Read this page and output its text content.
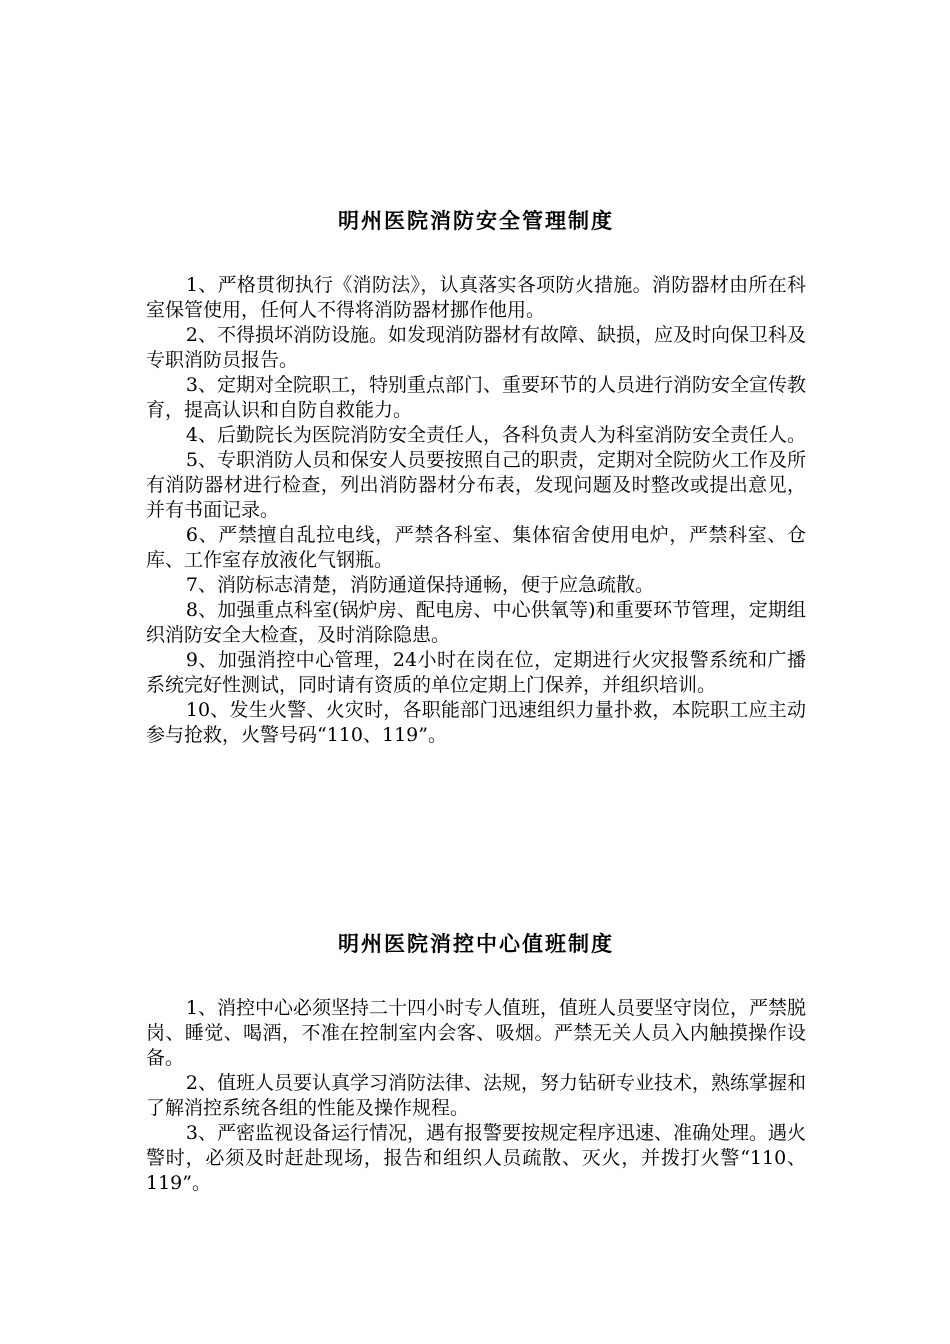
明州医院消防安全管理制度

1、严格贯彻执行《消防法》，认真落实各项防火措施。消防器材由所在科室保管使用，任何人不得将消防器材挪作他用。

2、不得损坏消防设施。如发现消防器材有故障、缺损，应及时向保卫科及专职消防员报告。

3、定期对全院职工，特别重点部门、重要环节的人员进行消防安全宣传教育，提高认识和自防自救能力。

4、后勤院长为医院消防安全责任人，各科负责人为科室消防安全责任人。

5、专职消防人员和保安人员要按照自己的职责，定期对全院防火工作及所有消防器材进行检查，列出消防器材分布表，发现问题及时整改或提出意见，并有书面记录。

6、严禁擅自乱拉电线，严禁各科室、集体宿舍使用电炉，严禁科室、仓库、工作室存放液化气钢瓶。

7、消防标志清楚，消防通道保持通畅，便于应急疏散。

8、加强重点科室(锅炉房、配电房、中心供氧等)和重要环节管理，定期组织消防安全大检查，及时消除隐患。

9、加强消控中心管理，24小时在岗在位，定期进行火灾报警系统和广播系统完好性测试，同时请有资质的单位定期上门保养，并组织培训。

10、发生火警、火灾时，各职能部门迅速组织力量扑救，本院职工应主动参与抢救，火警号码“110、119”。

明州医院消控中心值班制度

1、消控中心必须坚持二十四小时专人值班，值班人员要坚守岗位，严禁脱岗、睡觉、喝酒，不准在控制室内会客、吸烟。严禁无关人员入内触摸操作设备。

2、值班人员要认真学习消防法律、法规，努力钻研专业技术，熟练掌握和了解消控系统各组的性能及操作规程。

3、严密监视设备运行情况，遇有报警要按规定程序迅速、准确处理。遇火警时，必须及时赶赴现场，报告和组织人员疏散、灭火，并拨打火警“110、119”。
